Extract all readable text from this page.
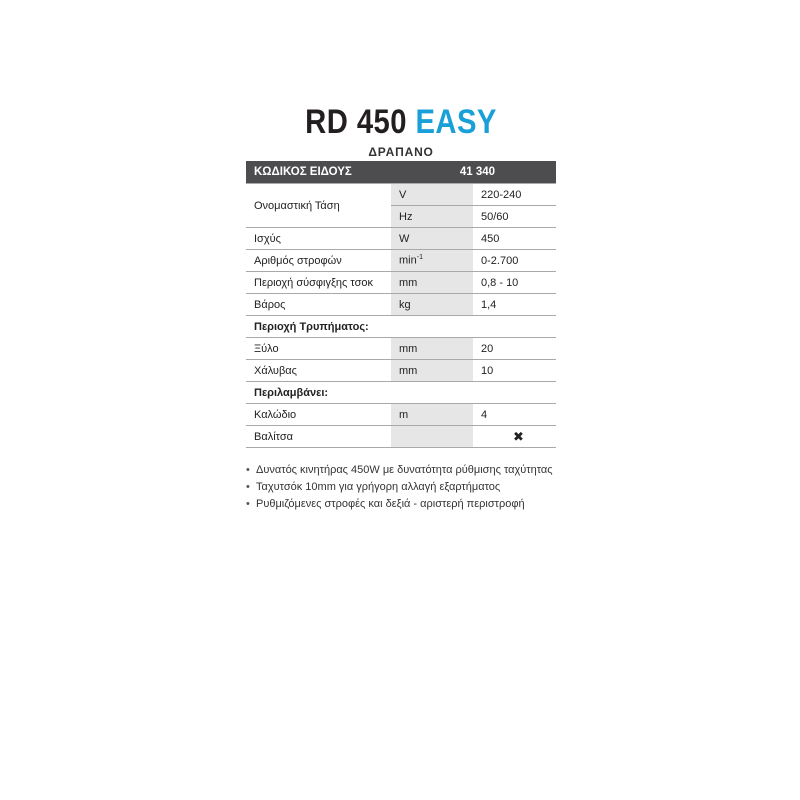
RD 450 EASY
ΔΡΑΠΑΝΟ
ΚΩΔΙΚΟΣ ΕΙΔΟΥΣ	41 340	
Ονομαστική Τάση	V	220-240
	Hz	50/60
Ισχύς	W	450
Αριθμός στροφών	$\min^{-1}$	0-2.700
Περιοχή σύσφιγξης τσοκ	mm	0,8 - 10
Βάρος	kg	1,4
Περιοχή Τρυπήματος:		
Ξύλο	mm	20
Χάλυβας	mm	10
Περιλαμβάνει:		
Καλώδιο	m	4
Βαλίτσα		✖
• Δυνατός κινητήρας 450W με δυνατότητα ρύθμισης ταχύτητας
• Ταχυτσόκ 10mm για γρήγορη αλλαγή εξαρτήματος
• Ρυθμιζόμενες στροφές και δεξιά - αριστερή περιστροφή
